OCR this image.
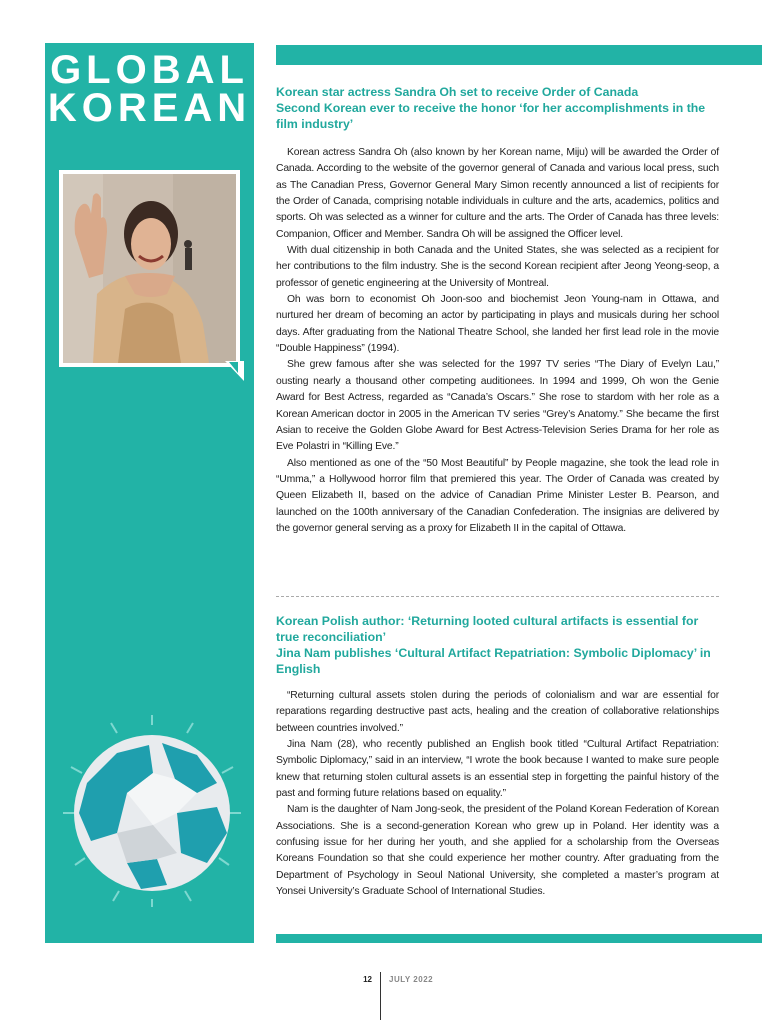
GLOBAL
KOREAN Korean star actress Sandra Oh set to receive Order of Canada

Second Korean ever to receive the honor ‘for her accomplishments in the film industry’

Korean actress Sandra Oh (also known by her Korean name, Miju) will be awarded the Order of Canada. According to the website of the governor general of Canada and various local press, such as The Canadian Press, Governor General Mary Simon recently announced a list of recipients for the Order of Canada, comprising notable individuals in culture and the arts, academics, politics and sports. Oh was selected as a winner for culture and the arts. The Order of Canada has three levels: Companion, Officer and Member. Sandra Oh will be assigned the Officer level.

With dual citizenship in both Canada and the United States, she was selected as a recipient for her contributions to the film industry. She is the second Korean recipient after Jeong Yeong-seop, a professor of genetic engineering at the University of Montreal.

Oh was born to economist Oh Joon-soo and biochemist Jeon Young-nam in Ottawa, and nurtured her dream of becoming an actor by participating in plays and musicals during her school days. After graduating from the National Theatre School, she landed her first lead role in the movie “Double Happiness” (1994).

She grew famous after she was selected for the 1997 TV series “The Diary of Evelyn Lau,” ousting nearly a thousand other competing auditionees. In 1994 and 1999, Oh won the Genie Award for Best Actress, regarded as “Canada’s Oscars.” She rose to stardom with her role as a Korean American doctor in 2005 in the American TV series “Grey’s Anatomy.” She became the first Asian to receive the Golden Globe Award for Best Actress-Television Series Drama for her role as Eve Polastri in “Killing Eve.”

Also mentioned as one of the “50 Most Beautiful” by People magazine, she took the lead role in “Umma,” a Hollywood horror film that premiered this year. The Order of Canada was created by Queen Elizabeth II, based on the advice of Canadian Prime Minister Lester B. Pearson, and launched on the 100th anniversary of the Canadian Confederation. The insignias are delivered by the governor general serving as a proxy for Elizabeth II in the capital of Ottawa.

Korean Polish author: ‘Returning looted cultural artifacts is essential for true reconciliation’

Jina Nam publishes ‘Cultural Artifact Repatriation: Symbolic Diplomacy’ in English

“Returning cultural assets stolen during the periods of colonialism and war are essential for reparations regarding destructive past acts, healing and the creation of collaborative relationships between countries involved.”

Jina Nam (28), who recently published an English book titled “Cultural Artifact Repatriation: Symbolic Diplomacy,” said in an interview, “I wrote the book because I wanted to make sure people knew that returning stolen cultural assets is an essential step in forgetting the painful history of the past and forming future relations based on equality.”

Nam is the daughter of Nam Jong-seok, the president of the Poland Korean Federation of Korean Associations. She is a second-generation Korean who grew up in Poland. Her identity was a confusing issue for her during her youth, and she applied for a scholarship from the Overseas Koreans Foundation so that she could experience her mother country. After graduating from the Department of Psychology in Seoul National University, she completed a master’s program at Yonsei University’s Graduate School of International Studies.

12 JULY 2022
